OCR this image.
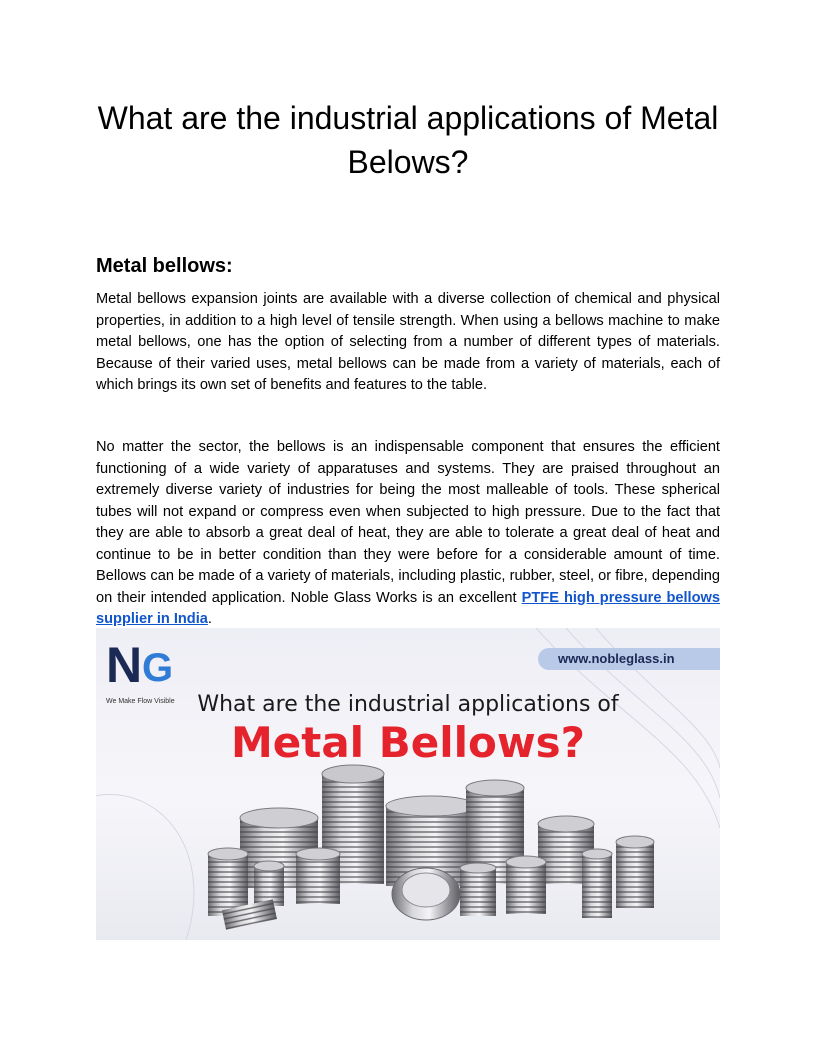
What are the industrial applications of Metal Belows?
Metal bellows:

Metal bellows expansion joints are available with a diverse collection of chemical and physical properties, in addition to a high level of tensile strength. When using a bellows machine to make metal bellows, one has the option of selecting from a number of different types of materials. Because of their varied uses, metal bellows can be made from a variety of materials, each of which brings its own set of benefits and features to the table.

No matter the sector, the bellows is an indispensable component that ensures the efficient functioning of a wide variety of apparatuses and systems. They are praised throughout an extremely diverse variety of industries for being the most malleable of tools. These spherical tubes will not expand or compress even when subjected to high pressure. Due to the fact that they are able to absorb a great deal of heat, they are able to tolerate a great deal of heat and continue to be in better condition than they were before for a considerable amount of time. Bellows can be made of a variety of materials, including plastic, rubber, steel, or fibre, depending on their intended application. Noble Glass Works is an excellent PTFE high pressure bellows supplier in India.

N G
We Make Flow Visible
www.nobleglass.in
What are the industrial applications of
Metal Bellows?
